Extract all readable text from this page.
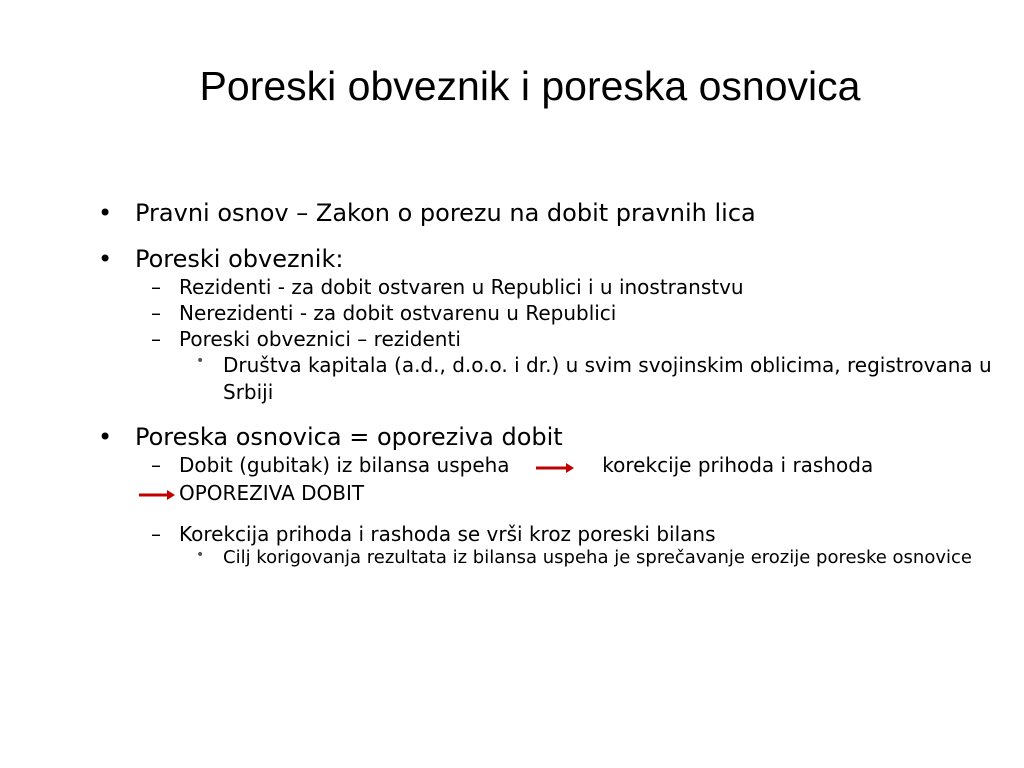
Poreski obveznik i poreska osnovica
• Pravni osnov – Zakon o porezu na dobit pravnih lica
• Poreski obveznik:
– Rezidenti - za dobit ostvaren u Republici i u inostranstvu
– Nerezidenti - za dobit ostvarenu u Republici
– Poreski obveznici – rezidenti
• Društva kapitala (a.d., d.o.o. i dr.) u svim svojinskim oblicima, registrovana u Srbiji
• Poreska osnovica = oporeziva dobit
– Dobit (gubitak) iz bilansa uspeha	korekcije prihoda i rashoda
OPOREZIVA DOBIT
– Korekcija prihoda i rashoda se vrši kroz poreski bilans
• Cilj korigovanja rezultata iz bilansa uspeha je sprečavanje erozije poreske osnovice
